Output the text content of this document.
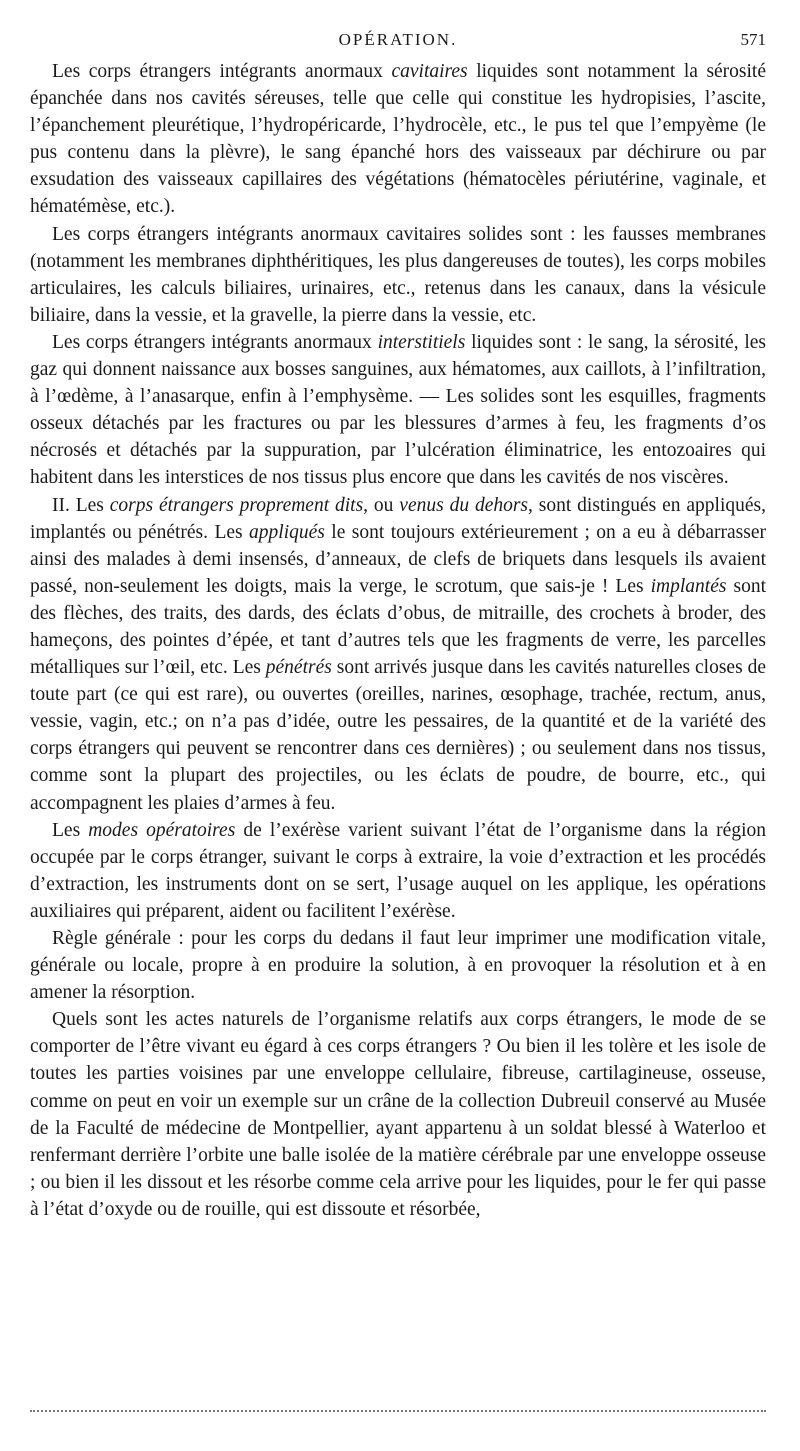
OPÉRATION.	571

Les corps étrangers intégrants anormaux cavitaires liquides sont notamment la sérosité épanchée dans nos cavités séreuses, telle que celle qui constitue les hydropisies, l’ascite, l’épanchement pleurétique, l’hydropéricarde, l’hydrocèle, etc., le pus tel que l’empyème (le pus contenu dans la plèvre), le sang épanché hors des vaisseaux par déchirure ou par exsudation des vaisseaux capillaires des végétations (hématocèles périutérine, vaginale, et hématémèse, etc.).

Les corps étrangers intégrants anormaux cavitaires solides sont : les fausses membranes (notamment les membranes diphthéritiques, les plus dangereuses de toutes), les corps mobiles articulaires, les calculs biliaires, urinaires, etc., retenus dans les canaux, dans la vésicule biliaire, dans la vessie, et la gravelle, la pierre dans la vessie, etc.

Les corps étrangers intégrants anormaux interstitiels liquides sont : le sang, la sérosité, les gaz qui donnent naissance aux bosses sanguines, aux hématomes, aux caillots, à l’infiltration, à l’œdème, à l’anasarque, enfin à l’emphysème. — Les solides sont les esquilles, fragments osseux détachés par les fractures ou par les blessures d’armes à feu, les fragments d’os nécrosés et détachés par la suppuration, par l’ulcération éliminatrice, les entozoaires qui habitent dans les interstices de nos tissus plus encore que dans les cavités de nos viscères.

II. Les corps étrangers proprement dits, ou venus du dehors, sont distingués en appliqués, implantés ou pénétrés. Les appliqués le sont toujours extérieurement ; on a eu à débarrasser ainsi des malades à demi insensés, d’anneaux, de clefs de briquets dans lesquels ils avaient passé, non-seulement les doigts, mais la verge, le scrotum, que sais-je ! Les implantés sont des flèches, des traits, des dards, des éclats d’obus, de mitraille, des crochets à broder, des hameçons, des pointes d’épée, et tant d’autres tels que les fragments de verre, les parcelles métalliques sur l’œil, etc. Les pénétrés sont arrivés jusque dans les cavités naturelles closes de toute part (ce qui est rare), ou ouvertes (oreilles, narines, œsophage, trachée, rectum, anus, vessie, vagin, etc.; on n’a pas d’idée, outre les pessaires, de la quantité et de la variété des corps étrangers qui peuvent se rencontrer dans ces dernières) ; ou seulement dans nos tissus, comme sont la plupart des projectiles, ou les éclats de poudre, de bourre, etc., qui accompagnent les plaies d’armes à feu.

Les modes opératoires de l’exérèse varient suivant l’état de l’organisme dans la région occupée par le corps étranger, suivant le corps à extraire, la voie d’extraction et les procédés d’extraction, les instruments dont on se sert, l’usage auquel on les applique, les opérations auxiliaires qui préparent, aident ou facilitent l’exérèse.

Règle générale : pour les corps du dedans il faut leur imprimer une modification vitale, générale ou locale, propre à en produire la solution, à en provoquer la résolution et à en amener la résorption.

Quels sont les actes naturels de l’organisme relatifs aux corps étrangers, le mode de se comporter de l’être vivant eu égard à ces corps étrangers ? Ou bien il les tolère et les isole de toutes les parties voisines par une enveloppe cellulaire, fibreuse, cartilagineuse, osseuse, comme on peut en voir un exemple sur un crâne de la collection Dubreuil conservé au Musée de la Faculté de médecine de Montpellier, ayant appartenu à un soldat blessé à Waterloo et renfermant derrière l’orbite une balle isolée de la matière cérébrale par une enveloppe osseuse ; ou bien il les dissout et les résorbe comme cela arrive pour les liquides, pour le fer qui passe à l’état d’oxyde ou de rouille, qui est dissoute et résorbée,
